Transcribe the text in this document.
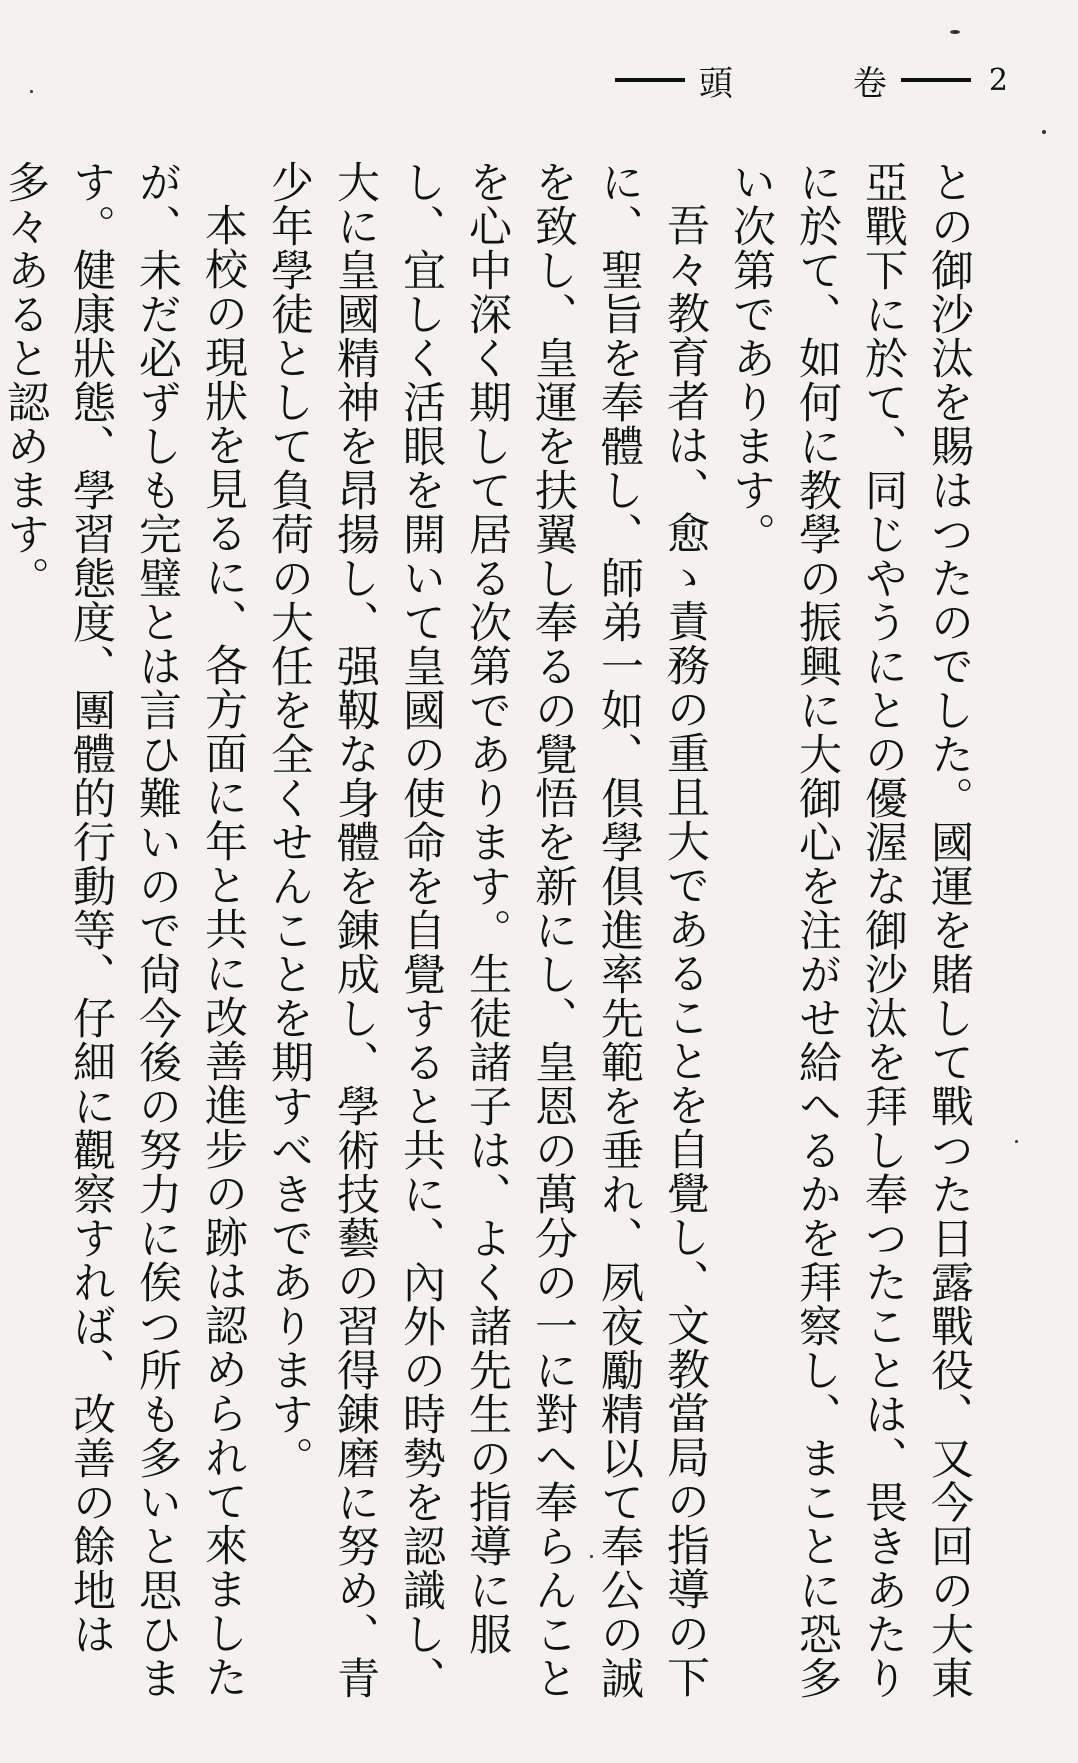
頭	卷	2

との御沙汰を賜はつたのでした。國運を賭して戰つた日露戰役、又今回の大東亞戰下に於て、同じやうにとの優渥な御沙汰を拜し奉つたことは、畏きあたりに於て、如何に教學の振興に大御心を注がせ給へるかを拜察し、まことに恐多い次第であります。

吾々教育者は、愈ゝ責務の重且大であることを自覺し、文教當局の指導の下に、聖旨を奉體し、師弟一如、倶學倶進率先範を垂れ、夙夜勵精以て奉公の誠を致し、皇運を扶翼し奉るの覺悟を新にし、皇恩の萬分の一に對へ奉らんことを心中深く期して居る次第であります。生徒諸子は、よく諸先生の指導に服し、宜しく活眼を開いて皇國の使命を自覺すると共に、內外の時勢を認識し、大に皇國精神を昂揚し、强靱な身體を錬成し、學術技藝の習得錬磨に努め、青少年學徒として負荷の大任を全くせんことを期すべきであります。

本校の現狀を見るに、各方面に年と共に改善進步の跡は認められて來ましたが、未だ必ずしも完璧とは言ひ難いので尙今後の努力に俟つ所も多いと思ひます。健康狀態、學習態度、團體的行動等、仔細に觀察すれば、改善の餘地は多々あると認めます。
